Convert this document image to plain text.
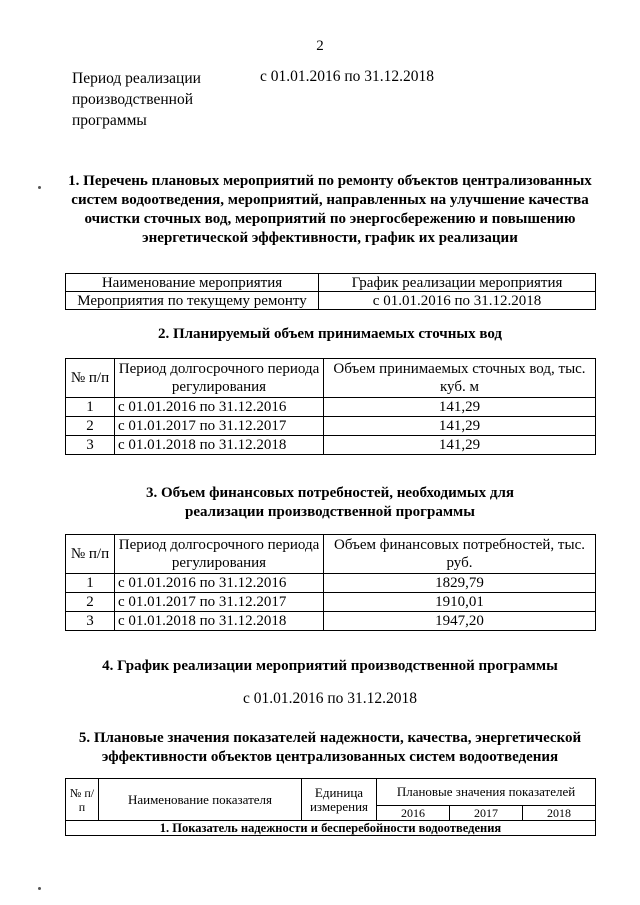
2
Период реализации производственной программы
с 01.01.2016 по 31.12.2018
1. Перечень плановых мероприятий по ремонту объектов централизованных систем водоотведения, мероприятий, направленных на улучшение качества очистки сточных вод, мероприятий по энергосбережению и повышению энергетической эффективности, график их реализации
Наименование мероприятия	График реализации мероприятия
Мероприятия по текущему ремонту	с 01.01.2016 по 31.12.2018
2. Планируемый объем принимаемых сточных вод
№ п/п	Период долгосрочного периода регулирования	Объем принимаемых сточных вод, тыс. куб. м
1	с 01.01.2016 по 31.12.2016	141,29
2	с 01.01.2017 по 31.12.2017	141,29
3	с 01.01.2018 по 31.12.2018	141,29
3. Объем финансовых потребностей, необходимых для реализации производственной программы
№ п/п	Период долгосрочного периода регулирования	Объем финансовых потребностей, тыс. руб.
1	с 01.01.2016 по 31.12.2016	1829,79
2	с 01.01.2017 по 31.12.2017	1910,01
3	с 01.01.2018 по 31.12.2018	1947,20
4. График реализации мероприятий производственной программы
с 01.01.2016 по 31.12.2018
5. Плановые значения показателей надежности, качества, энергетической эффективности объектов централизованных систем водоотведения
№ п/п	Наименование показателя	Единица измерения	Плановые значения показателей		
			2016	2017	2018
1. Показатель надежности и бесперебойности водоотведения					
